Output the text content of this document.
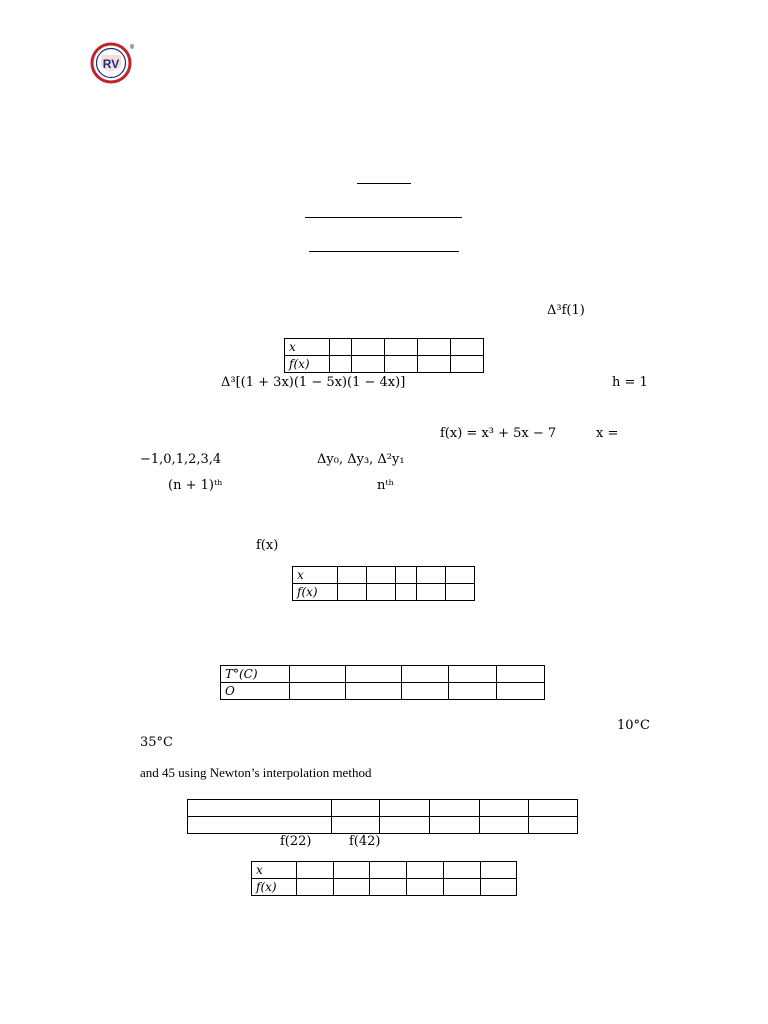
RV
®
Δ³f(1)
x					
f(x)					
Δ³[(1 + 3x)(1 − 5x)(1 − 4x)]	h = 1
f(x) = x³ + 5x − 7	x =
−1,0,1,2,3,4	Δy₀, Δy₃, Δ²y₁
(n + 1)ᵗʰ	nᵗʰ
f(x)
x					
f(x)					
T°(C)					
O					
10°C
35°C
and 45 using Newton’s interpolation method

f(22)	f(42)
x						
f(x)						
